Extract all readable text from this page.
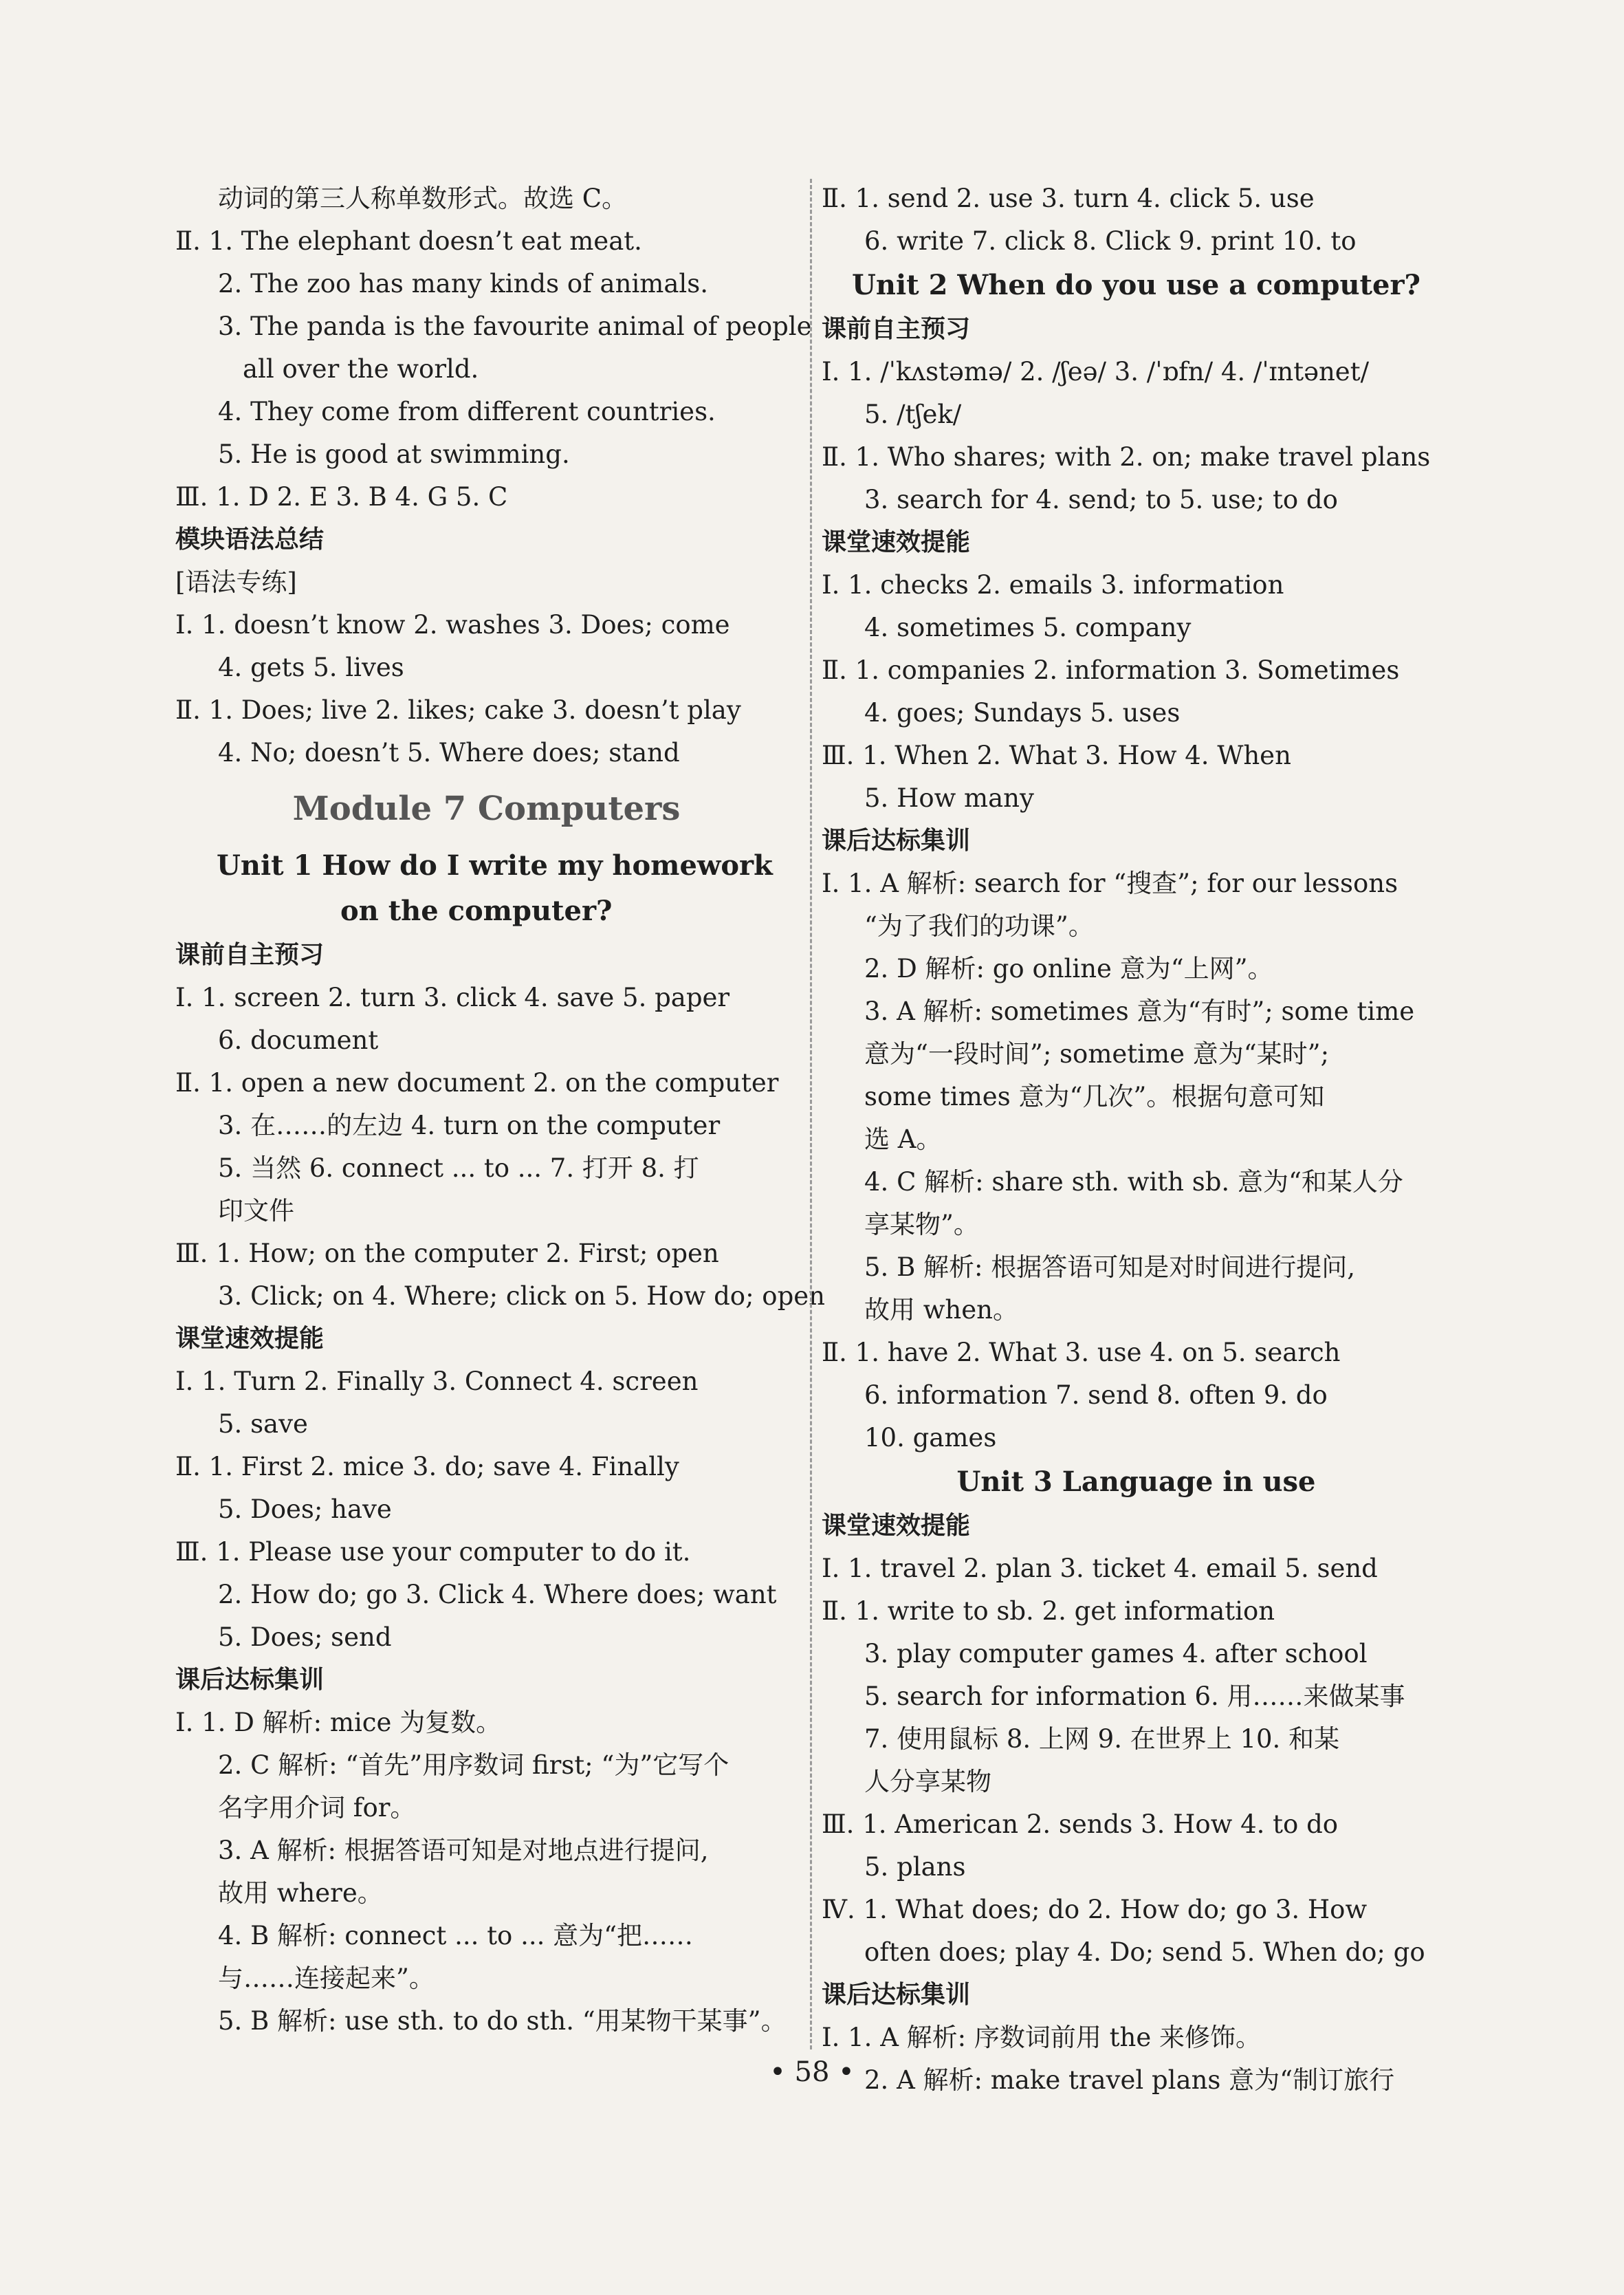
动词的第三人称单数形式。故选 C。
Ⅱ. 1. The elephant doesn’t eat meat.
2. The zoo has many kinds of animals.
3. The panda is the favourite animal of people
all over the world.
4. They come from different countries.
5. He is good at swimming.
Ⅲ. 1. D 2. E 3. B 4. G 5. C
模块语法总结
[语法专练]
Ⅰ. 1. doesn’t know 2. washes 3. Does; come
4. gets 5. lives
Ⅱ. 1. Does; live 2. likes; cake 3. doesn’t play
4. No; doesn’t 5. Where does; stand
Module 7 Computers
Unit 1 How do I write my homework
on the computer?
课前自主预习
Ⅰ. 1. screen 2. turn 3. click 4. save 5. paper
6. document
Ⅱ. 1. open a new document 2. on the computer
3. 在……的左边 4. turn on the computer
5. 当然 6. connect ... to ... 7. 打开 8. 打
印文件
Ⅲ. 1. How; on the computer 2. First; open
3. Click; on 4. Where; click on 5. How do; open
课堂速效提能
Ⅰ. 1. Turn 2. Finally 3. Connect 4. screen
5. save
Ⅱ. 1. First 2. mice 3. do; save 4. Finally
5. Does; have
Ⅲ. 1. Please use your computer to do it.
2. How do; go 3. Click 4. Where does; want
5. Does; send
课后达标集训
Ⅰ. 1. D 解析: mice 为复数。
2. C 解析: “首先”用序数词 first; “为”它写个
名字用介词 for。
3. A 解析: 根据答语可知是对地点进行提问,
故用 where。
4. B 解析: connect ... to ... 意为“把……
与……连接起来”。
5. B 解析: use sth. to do sth. “用某物干某事”。
Ⅱ. 1. send 2. use 3. turn 4. click 5. use
6. write 7. click 8. Click 9. print 10. to
Unit 2 When do you use a computer?
课前自主预习
Ⅰ. 1. /ˈkʌstəmə/ 2. /ʃeə/ 3. /ˈɒfn/ 4. /ˈɪntənet/
5. /tʃek/
Ⅱ. 1. Who shares; with 2. on; make travel plans
3. search for 4. send; to 5. use; to do
课堂速效提能
Ⅰ. 1. checks 2. emails 3. information
4. sometimes 5. company
Ⅱ. 1. companies 2. information 3. Sometimes
4. goes; Sundays 5. uses
Ⅲ. 1. When 2. What 3. How 4. When
5. How many
课后达标集训
Ⅰ. 1. A 解析: search for “搜查”; for our lessons
“为了我们的功课”。
2. D 解析: go online 意为“上网”。
3. A 解析: sometimes 意为“有时”; some time
意为“一段时间”; sometime 意为“某时”;
some times 意为“几次”。根据句意可知
选 A。
4. C 解析: share sth. with sb. 意为“和某人分
享某物”。
5. B 解析: 根据答语可知是对时间进行提问,
故用 when。
Ⅱ. 1. have 2. What 3. use 4. on 5. search
6. information 7. send 8. often 9. do
10. games
Unit 3 Language in use
课堂速效提能
Ⅰ. 1. travel 2. plan 3. ticket 4. email 5. send
Ⅱ. 1. write to sb. 2. get information
3. play computer games 4. after school
5. search for information 6. 用……来做某事
7. 使用鼠标 8. 上网 9. 在世界上 10. 和某
人分享某物
Ⅲ. 1. American 2. sends 3. How 4. to do
5. plans
Ⅳ. 1. What does; do 2. How do; go 3. How
often does; play 4. Do; send 5. When do; go
课后达标集训
Ⅰ. 1. A 解析: 序数词前用 the 来修饰。
2. A 解析: make travel plans 意为“制订旅行
• 58 •
